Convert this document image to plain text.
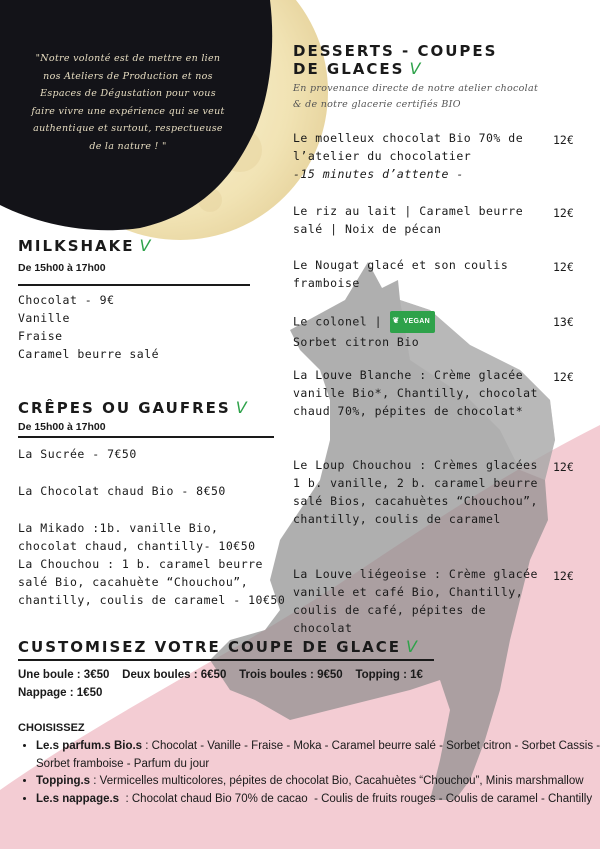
"Notre volonté est de mettre en lien nos Ateliers de Production et nos Espaces de Dégustation pour vous faire vivre une expérience qui se veut authentique et surtout, respectueuse de la nature ! "
MILKSHAKE V
De 15h00 à 17h00
Chocolat - 9€
Vanille
Fraise
Caramel beurre salé
CRÊPES OU GAUFRES V
De 15h00 à 17h00
La Sucrée - 7€50
La Chocolat chaud Bio - 8€50
La Mikado :1b. vanille Bio, chocolat chaud, chantilly- 10€50
La Chouchou : 1 b. caramel beurre salé Bio, cacahuète “Chouchou”, chantilly, coulis de caramel - 10€50
DESSERTS - COUPES
DE GLACES V
En provenance directe de notre atelier chocolat & de notre glacerie certifiés BIO
Le moelleux chocolat Bio 70% de l’atelier du chocolatier
-15 minutes d’attente -
12€
Le riz au lait | Caramel beurre salé | Noix de pécan
12€
Le Nougat glacé et son coulis framboise
12€
Le colonel | ❦ VEGAN
Sorbet citron Bio
13€
La Louve Blanche : Crème glacée vanille Bio*, Chantilly, chocolat chaud 70%, pépites de chocolat*
12€
Le Loup Chouchou : Crèmes glacées 1 b. vanille, 2 b. caramel beurre salé Bios, cacahuètes “Chouchou”, chantilly, coulis de caramel
12€
La Louve liégeoise : Crème glacée vanille et café Bio, Chantilly, coulis de café, pépites de chocolat
12€
CUSTOMISEZ VOTRE COUPE DE GLACE V
Une boule : 3€50    Deux boules : 6€50    Trois boules : 9€50    Topping : 1€
Nappage : 1€50
CHOISISSEZ
• Le.s parfum.s Bio.s : Chocolat - Vanille - Fraise - Moka - Caramel beurre salé - Sorbet citron - Sorbet Cassis - Sorbet framboise - Parfum du jour
• Topping.s : Vermicelles multicolores, pépites de chocolat Bio, Cacahuètes “Chouchou”, Minis marshmallow
• Le.s nappage.s  : Chocolat chaud Bio 70% de cacao  - Coulis de fruits rouges - Coulis de caramel - Chantilly
